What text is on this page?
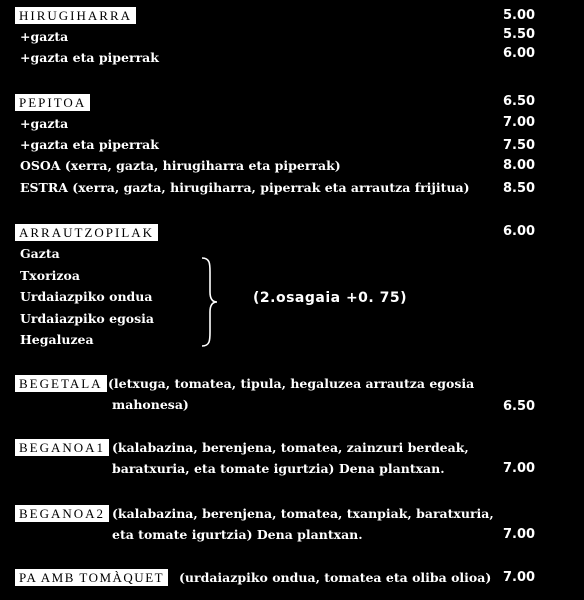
HIRUGIHARRA	5.00
+gazta	5.50
+gazta eta piperrak	6.00
PEPITOA	6.50
+gazta	7.00
+gazta eta piperrak	7.50
OSOA (xerra, gazta, hirugiharra eta piperrak)	8.00
ESTRA (xerra, gazta, hirugiharra, piperrak eta arrautza frijitua)	8.50
ARRAUTZOPILAK	6.00
Gazta
Txorizoa
Urdaiazpiko ondua
Urdaiazpiko egosia
Hegaluzea
(2.osagaia +0. 75)
BEGETALA (letxuga, tomatea, tipula, hegaluzea arrautza egosia
mahonesa)	6.50
BEGANOA1 (kalabazina, berenjena, tomatea, zainzuri berdeak,
baratxuria, eta tomate igurtzia) Dena plantxan.	7.00
BEGANOA2 (kalabazina, berenjena, tomatea, txanpiak, baratxuria,
eta tomate igurtzia) Dena plantxan.	7.00
PA AMB TOMÀQUET	(urdaiazpiko ondua, tomatea eta oliba olioa) 7.00
